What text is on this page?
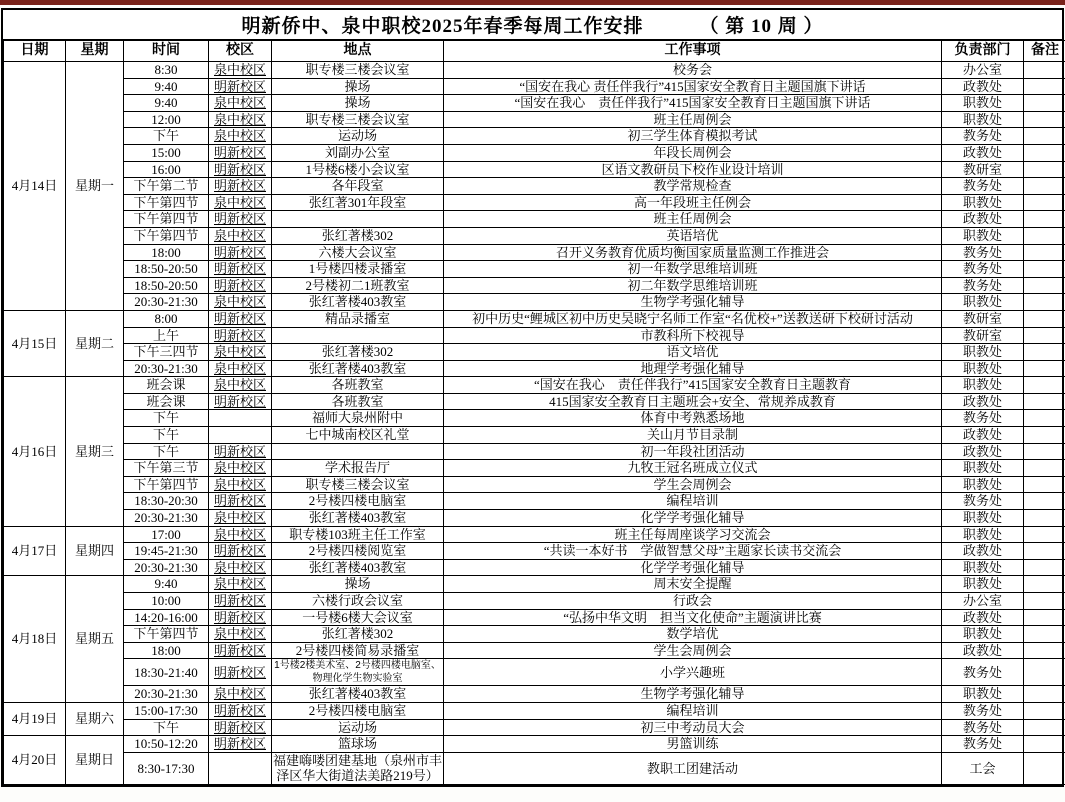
明新侨中、泉中职校2025年春季每周工作安排	（ 第 10 周 ）
日期	星期	时间	校区	地点	工作事项	负责部门	备注
4月14日	星期一	8:30	泉中校区	职专楼三楼会议室	校务会	办公室	
		9:40	明新校区	操场	“国安在我心 责任伴我行”415国家安全教育日主题国旗下讲话	政教处	
		9:40	泉中校区	操场	“国安在我心　责任伴我行”415国家安全教育日主题国旗下讲话	职教处	
		12:00	泉中校区	职专楼三楼会议室	班主任周例会	职教处	
		下午	泉中校区	运动场	初三学生体育模拟考试	教务处	
		15:00	明新校区	刘副办公室	年段长周例会	政教处	
		16:00	明新校区	1号楼6楼小会议室	区语文教研员下校作业设计培训	教研室	
		下午第二节	明新校区	各年段室	教学常规检查	教务处	
		下午第四节	泉中校区	张红著301年段室	高一年段班主任例会	职教处	
		下午第四节	明新校区		班主任周例会	政教处	
		下午第四节	泉中校区	张红著楼302	英语培优	职教处	
		18:00	明新校区	六楼大会议室	召开义务教育优质均衡国家质量监测工作推进会	教务处	
		18:50-20:50	明新校区	1号楼四楼录播室	初一年数学思维培训班	教务处	
		18:50-20:50	明新校区	2号楼初二1班教室	初二年数学思维培训班	教务处	
		20:30-21:30	泉中校区	张红著楼403教室	生物学考强化辅导	职教处	
4月15日	星期二	8:00	明新校区	精品录播室	初中历史“鲤城区初中历史吴晓宁名师工作室“名优校+”送教送研下校研讨活动	教研室	
		上午	明新校区		市教科所下校视导	教研室	
		下午三四节	泉中校区	张红著楼302	语文培优	职教处	
		20:30-21:30	泉中校区	张红著楼403教室	地理学考强化辅导	职教处	
4月16日	星期三	班会课	泉中校区	各班教室	“国安在我心　责任伴我行”415国家安全教育日主题教育	职教处	
		班会课	明新校区	各班教室	415国家安全教育日主题班会+安全、常规养成教育	政教处	
		下午		福师大泉州附中	体育中考熟悉场地	教务处	
		下午		七中城南校区礼堂	关山月节目录制	政教处	
		下午	明新校区		初一年段社团活动	政教处	
		下午第三节	泉中校区	学术报告厅	九牧王冠名班成立仪式	职教处	
		下午第四节	泉中校区	职专楼三楼会议室	学生会周例会	职教处	
		18:30-20:30	明新校区	2号楼四楼电脑室	编程培训	教务处	
		20:30-21:30	泉中校区	张红著楼403教室	化学学考强化辅导	职教处	
4月17日	星期四	17:00	泉中校区	职专楼103班主任工作室	班主任每周座谈学习交流会	职教处	
		19:45-21:30	明新校区	2号楼四楼阅览室	“共读一本好书　学做智慧父母”主题家长读书交流会	政教处	
		20:30-21:30	泉中校区	张红著楼403教室	化学学考强化辅导	职教处	
4月18日	星期五	9:40	泉中校区	操场	周末安全提醒	职教处	
		10:00	明新校区	六楼行政会议室	行政会	办公室	
		14:20-16:00	明新校区	一号楼6楼大会议室	“弘扬中华文明　担当文化使命”主题演讲比赛	政教处	
		下午第四节	泉中校区	张红著楼302	数学培优	职教处	
		18:00	明新校区	2号楼四楼简易录播室	学生会周例会	政教处	
		18:30-21:40	明新校区	1号楼2楼美术室、2号楼四楼电脑室、物理化学生物实验室	小学兴趣班	教务处	
		20:30-21:30	泉中校区	张红著楼403教室	生物学考强化辅导	职教处	
4月19日	星期六	15:00-17:30	明新校区	2号楼四楼电脑室	编程培训	教务处	
		下午	明新校区	运动场	初三中考动员大会	教务处	
4月20日	星期日	10:50-12:20	明新校区	篮球场	男篮训练	教务处	
		8:30-17:30		福建嗨喽团建基地（泉州市丰泽区华大街道法美路219号）	教职工团建活动	工会	
